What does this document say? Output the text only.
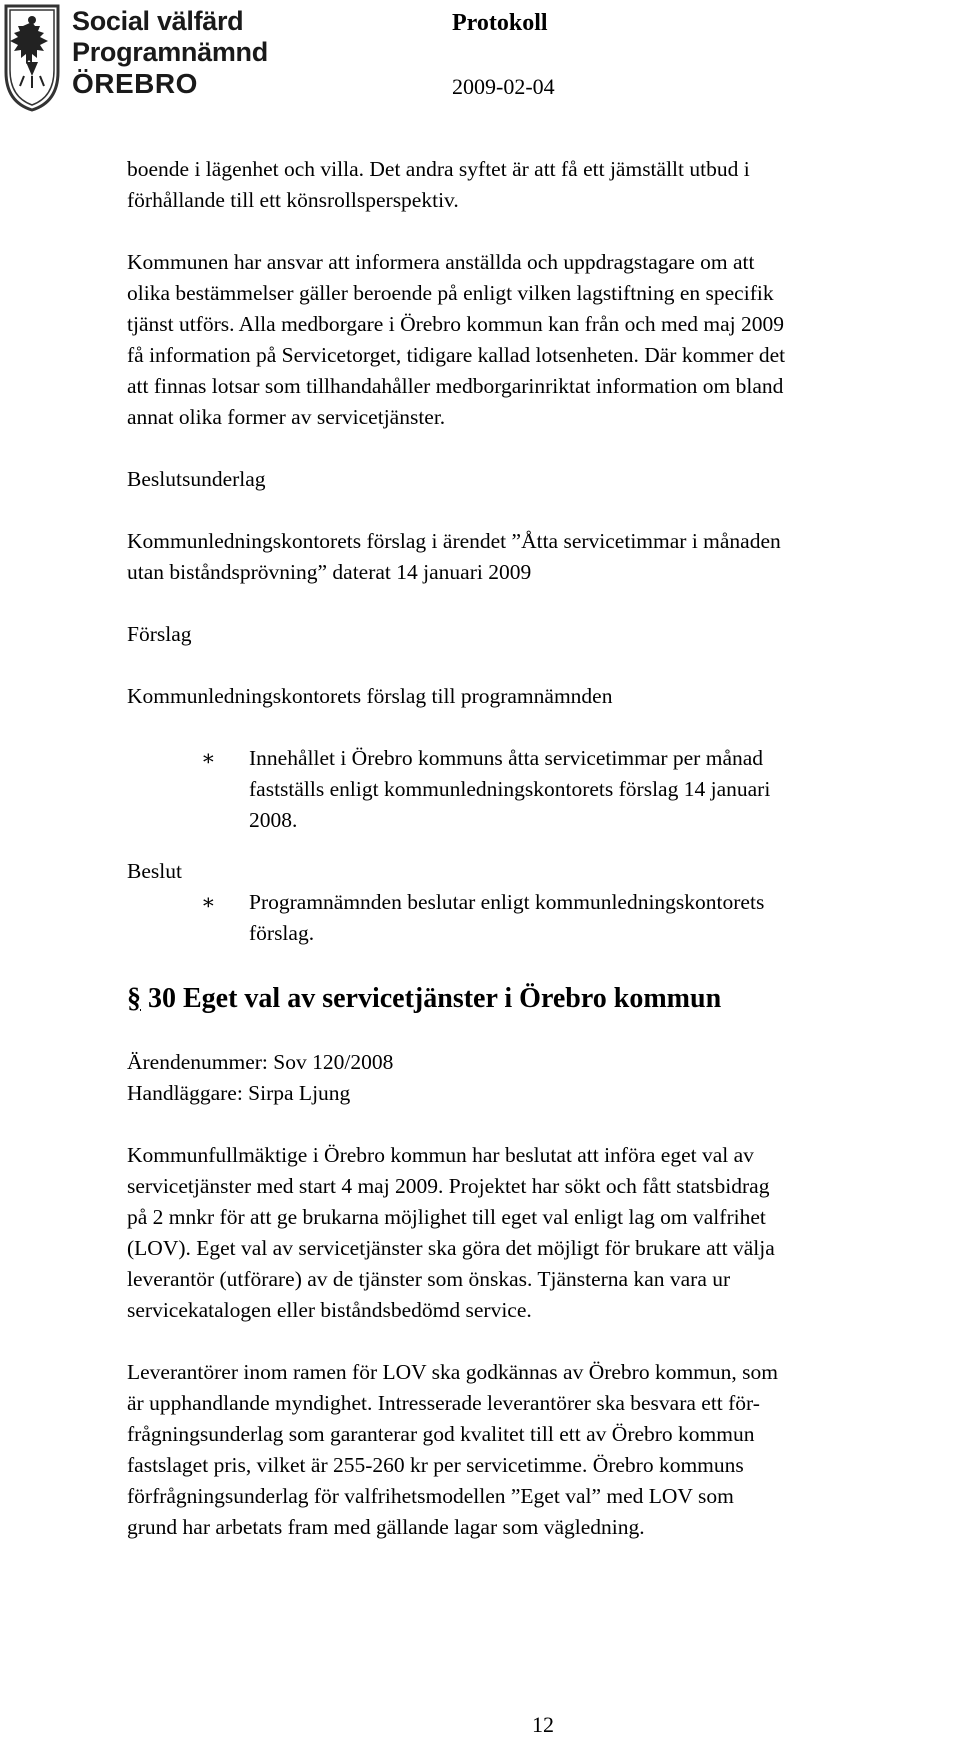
Social välfärd
Programnämnd
ÖREBRO
Protokoll
2009-02-04

boende i lägenhet och villa. Det andra syftet är att få ett jämställt utbud i
förhållande till ett könsrollsperspektiv.

Kommunen har ansvar att informera anställda och uppdragstagare om att
olika bestämmelser gäller beroende på enligt vilken lagstiftning en specifik
tjänst utförs. Alla medborgare i Örebro kommun kan från och med maj 2009
få information på Servicetorget, tidigare kallad lotsenheten. Där kommer det
att finnas lotsar som tillhandahåller medborgarinriktat information om bland
annat olika former av servicetjänster.

Beslutsunderlag

Kommunledningskontorets förslag i ärendet ”Åtta servicetimmar i månaden
utan biståndsprövning” daterat 14 januari 2009

Förslag

Kommunledningskontorets förslag till programnämnden

Beslut
∗ Innehållet i Örebro kommuns åtta servicetimmar per månad
fastställs enligt kommunledningskontorets förslag 14 januari
2008.
∗ Programnämnden beslutar enligt kommunledningskontorets
förslag.
§ 30 Eget val av servicetjänster i Örebro kommun

Ärendenummer: Sov 120/2008
Handläggare: Sirpa Ljung

Kommunfullmäktige i Örebro kommun har beslutat att införa eget val av
servicetjänster med start 4 maj 2009. Projektet har sökt och fått statsbidrag
på 2 mnkr för att ge brukarna möjlighet till eget val enligt lag om valfrihet
(LOV). Eget val av servicetjänster ska göra det möjligt för brukare att välja
leverantör (utförare) av de tjänster som önskas. Tjänsterna kan vara ur
servicekatalogen eller biståndsbedömd service.

Leverantörer inom ramen för LOV ska godkännas av Örebro kommun, som
är upphandlande myndighet. Intresserade leverantörer ska besvara ett för-
frågningsunderlag som garanterar god kvalitet till ett av Örebro kommun
fastslaget pris, vilket är 255-260 kr per servicetimme. Örebro kommuns
förfrågningsunderlag för valfrihetsmodellen ”Eget val” med LOV som
grund har arbetats fram med gällande lagar som vägledning.

12
